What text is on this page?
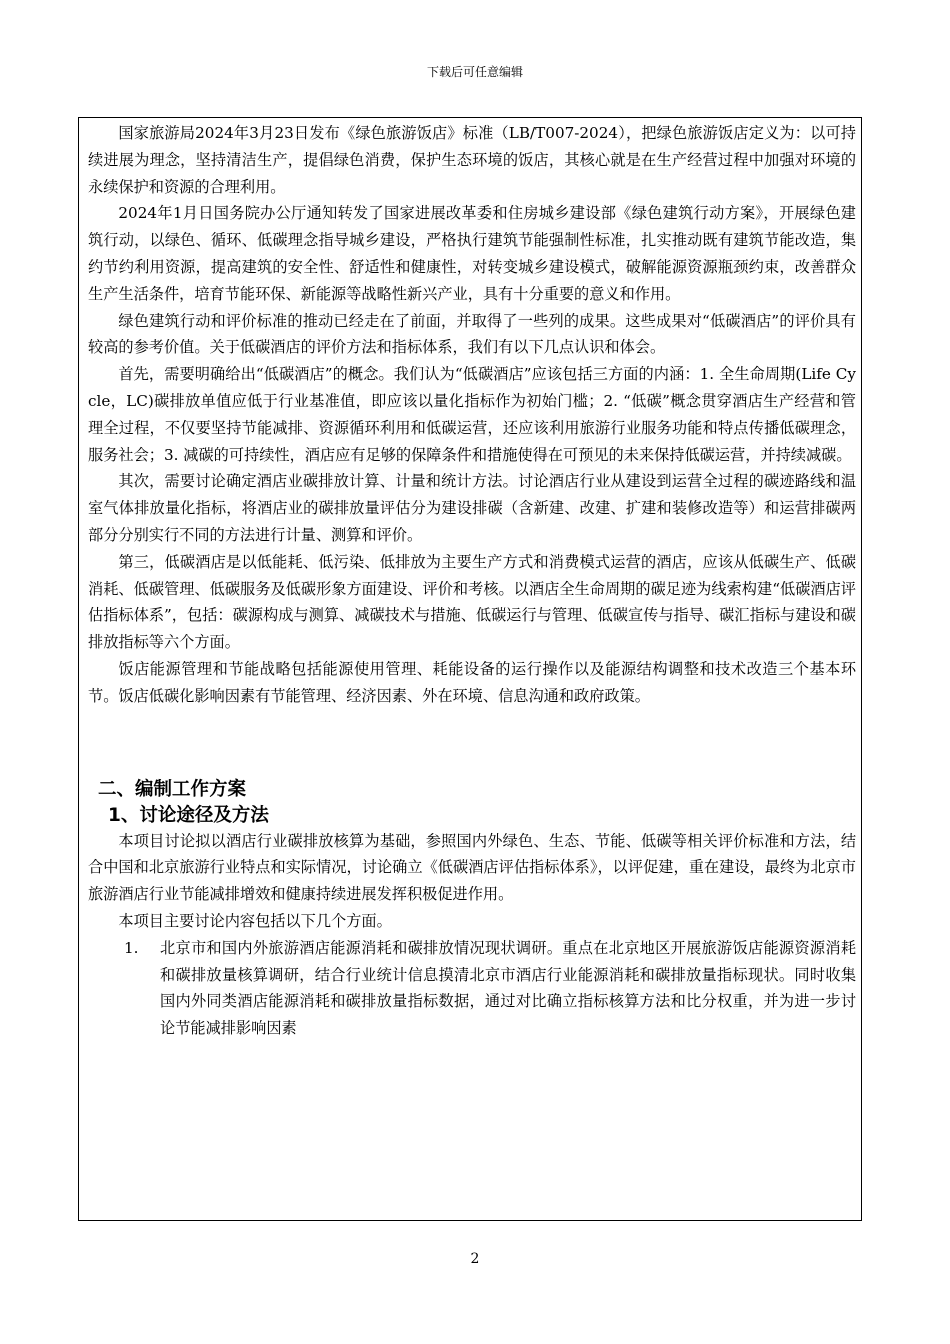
下载后可任意编辑

国家旅游局2024年3月23日发布《绿色旅游饭店》标准（LB/T007-2024），把绿色旅游饭店定义为：以可持续进展为理念，坚持清洁生产，提倡绿色消费，保护生态环境的饭店，其核心就是在生产经营过程中加强对环境的永续保护和资源的合理利用。

2024年1月日国务院办公厅通知转发了国家进展改革委和住房城乡建设部《绿色建筑行动方案》，开展绿色建筑行动，以绿色、循环、低碳理念指导城乡建设，严格执行建筑节能强制性标准，扎实推动既有建筑节能改造，集约节约利用资源，提高建筑的安全性、舒适性和健康性，对转变城乡建设模式，破解能源资源瓶颈约束，改善群众生产生活条件，培育节能环保、新能源等战略性新兴产业，具有十分重要的意义和作用。

绿色建筑行动和评价标准的推动已经走在了前面，并取得了一些列的成果。这些成果对“低碳酒店”的评价具有较高的参考价值。关于低碳酒店的评价方法和指标体系，我们有以下几点认识和体会。

首先，需要明确给出“低碳酒店”的概念。我们认为“低碳酒店”应该包括三方面的内涵：1. 全生命周期(Life Cycle，LC)碳排放单值应低于行业基准值，即应该以量化指标作为初始门槛；2. “低碳”概念贯穿酒店生产经营和管理全过程，不仅要坚持节能减排、资源循环利用和低碳运营，还应该利用旅游行业服务功能和特点传播低碳理念，服务社会；3. 减碳的可持续性，酒店应有足够的保障条件和措施使得在可预见的未来保持低碳运营，并持续减碳。

其次，需要讨论确定酒店业碳排放计算、计量和统计方法。讨论酒店行业从建设到运营全过程的碳迹路线和温室气体排放量化指标，将酒店业的碳排放量评估分为建设排碳（含新建、改建、扩建和装修改造等）和运营排碳两部分分别实行不同的方法进行计量、测算和评价。

第三，低碳酒店是以低能耗、低污染、低排放为主要生产方式和消费模式运营的酒店，应该从低碳生产、低碳消耗、低碳管理、低碳服务及低碳形象方面建设、评价和考核。以酒店全生命周期的碳足迹为线索构建“低碳酒店评估指标体系”，包括：碳源构成与测算、减碳技术与措施、低碳运行与管理、低碳宣传与指导、碳汇指标与建设和碳排放指标等六个方面。

饭店能源管理和节能战略包括能源使用管理、耗能设备的运行操作以及能源结构调整和技术改造三个基本环节。饭店低碳化影响因素有节能管理、经济因素、外在环境、信息沟通和政府政策。

二、编制工作方案
1、讨论途径及方法

本项目讨论拟以酒店行业碳排放核算为基础，参照国内外绿色、生态、节能、低碳等相关评价标准和方法，结合中国和北京旅游行业特点和实际情况，讨论确立《低碳酒店评估指标体系》，以评促建，重在建设，最终为北京市旅游酒店行业节能减排增效和健康持续进展发挥积极促进作用。

本项目主要讨论内容包括以下几个方面。

1.	北京市和国内外旅游酒店能源消耗和碳排放情况现状调研。重点在北京地区开展旅游饭店能源资源消耗和碳排放量核算调研，结合行业统计信息摸清北京市酒店行业能源消耗和碳排放量指标现状。同时收集国内外同类酒店能源消耗和碳排放量指标数据，通过对比确立指标核算方法和比分权重，并为进一步讨论节能减排影响因素

2
